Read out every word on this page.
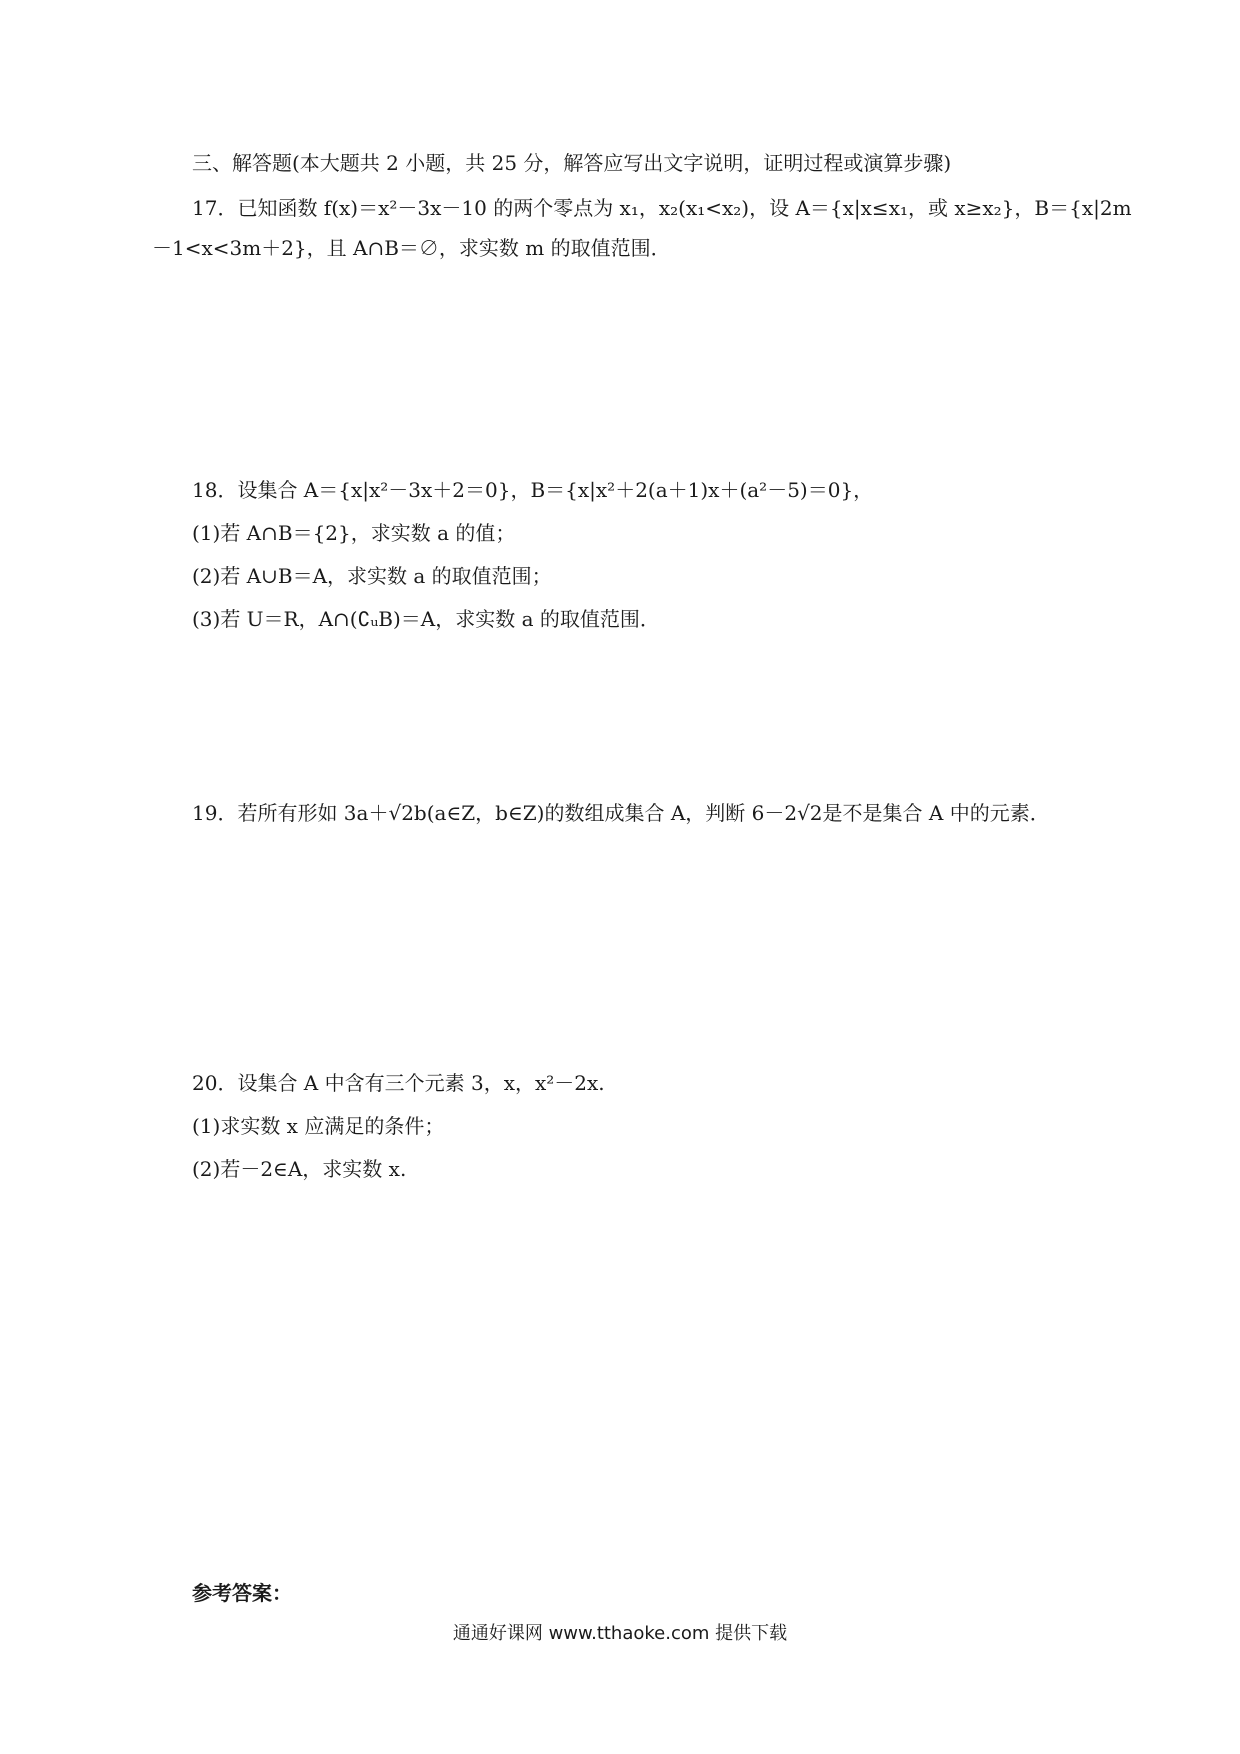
三、解答题(本大题共 2 小题，共 25 分，解答应写出文字说明，证明过程或演算步骤)
17．已知函数 f(x)＝x²－3x－10 的两个零点为 x₁，x₂(x₁<x₂)，设 A＝{x|x≤x₁，或 x≥x₂}，B＝{x|2m
－1<x<3m＋2}，且 A∩B＝∅，求实数 m 的取值范围．
18．设集合 A＝{x|x²－3x＋2＝0}，B＝{x|x²＋2(a＋1)x＋(a²－5)＝0}，
(1)若 A∩B＝{2}，求实数 a 的值；
(2)若 A∪B＝A，求实数 a 的取值范围；
(3)若 U＝R，A∩(∁ᵤB)＝A，求实数 a 的取值范围．
19．若所有形如 3a＋√2b(a∈Z，b∈Z)的数组成集合 A，判断 6－2√2是不是集合 A 中的元素．
20．设集合 A 中含有三个元素 3，x，x²－2x.
(1)求实数 x 应满足的条件；
(2)若－2∈A，求实数 x.
参考答案：
通通好课网 www.tthaoke.com 提供下载
